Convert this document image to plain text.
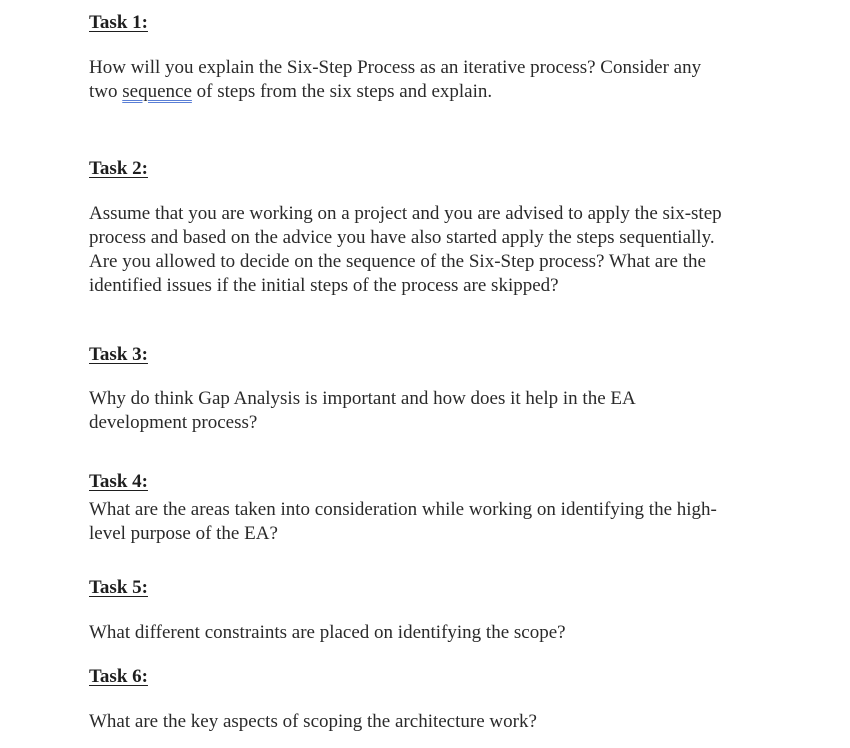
Task 1:

How will you explain the Six-Step Process as an iterative process? Consider any
two sequence of steps from the six steps and explain.

Task 2:

Assume that you are working on a project and you are advised to apply the six-step
process and based on the advice you have also started apply the steps sequentially.
Are you allowed to decide on the sequence of the Six-Step process? What are the
identified issues if the initial steps of the process are skipped?

Task 3:

Why do think Gap Analysis is important and how does it help in the EA
development process?

Task 4:

What are the areas taken into consideration while working on identifying the high-
level purpose of the EA?

Task 5:

What different constraints are placed on identifying the scope?

Task 6:

What are the key aspects of scoping the architecture work?
